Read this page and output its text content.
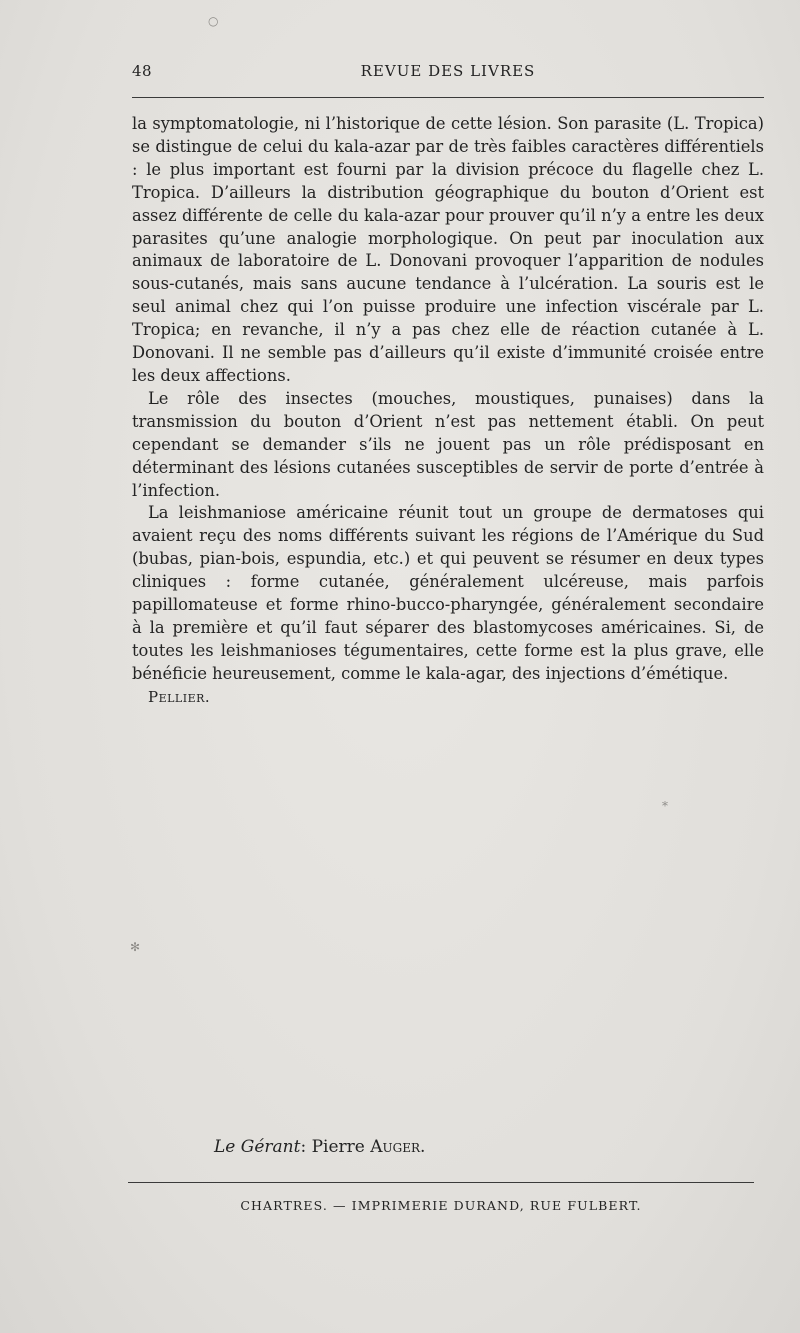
48	REVUE DES LIVRES

la symptomatologie, ni l’historique de cette lésion. Son parasite (L. Tropica) se distingue de celui du kala-azar par de très faibles caractères différentiels : le plus important est fourni par la division précoce du flagelle chez L. Tropica. D’ailleurs la distribution géographique du bouton d’Orient est assez différente de celle du kala-azar pour prouver qu’il n’y a entre les deux parasites qu’une analogie morphologique. On peut par inoculation aux animaux de laboratoire de L. Donovani provoquer l’apparition de nodules sous-cutanés, mais sans aucune tendance à l’ulcération. La souris est le seul animal chez qui l’on puisse produire une infection viscérale par L. Tropica; en revanche, il n’y a pas chez elle de réaction cutanée à L. Donovani. Il ne semble pas d’ailleurs qu’il existe d’immunité croisée entre les deux affections.

Le rôle des insectes (mouches, moustiques, punaises) dans la transmission du bouton d’Orient n’est pas nettement établi. On peut cependant se demander s’ils ne jouent pas un rôle prédisposant en déterminant des lésions cutanées susceptibles de servir de porte d’entrée à l’infection.

La leishmaniose américaine réunit tout un groupe de dermatoses qui avaient reçu des noms différents suivant les régions de l’Amérique du Sud (bubas, pian-bois, espundia, etc.) et qui peuvent se résumer en deux types cliniques : forme cutanée, généralement ulcéreuse, mais parfois papillomateuse et forme rhino-bucco-pharyngée, généralement secondaire à la première et qu’il faut séparer des blastomycoses américaines. Si, de toutes les leishmanioses tégumentaires, cette forme est la plus grave, elle bénéficie heureusement, comme le kala-agar, des injections d’émétique.

Pellier.

Le Gérant: Pierre Auger.
CHARTRES. — IMPRIMERIE DURAND, RUE FULBERT.
○
✻
⁎
